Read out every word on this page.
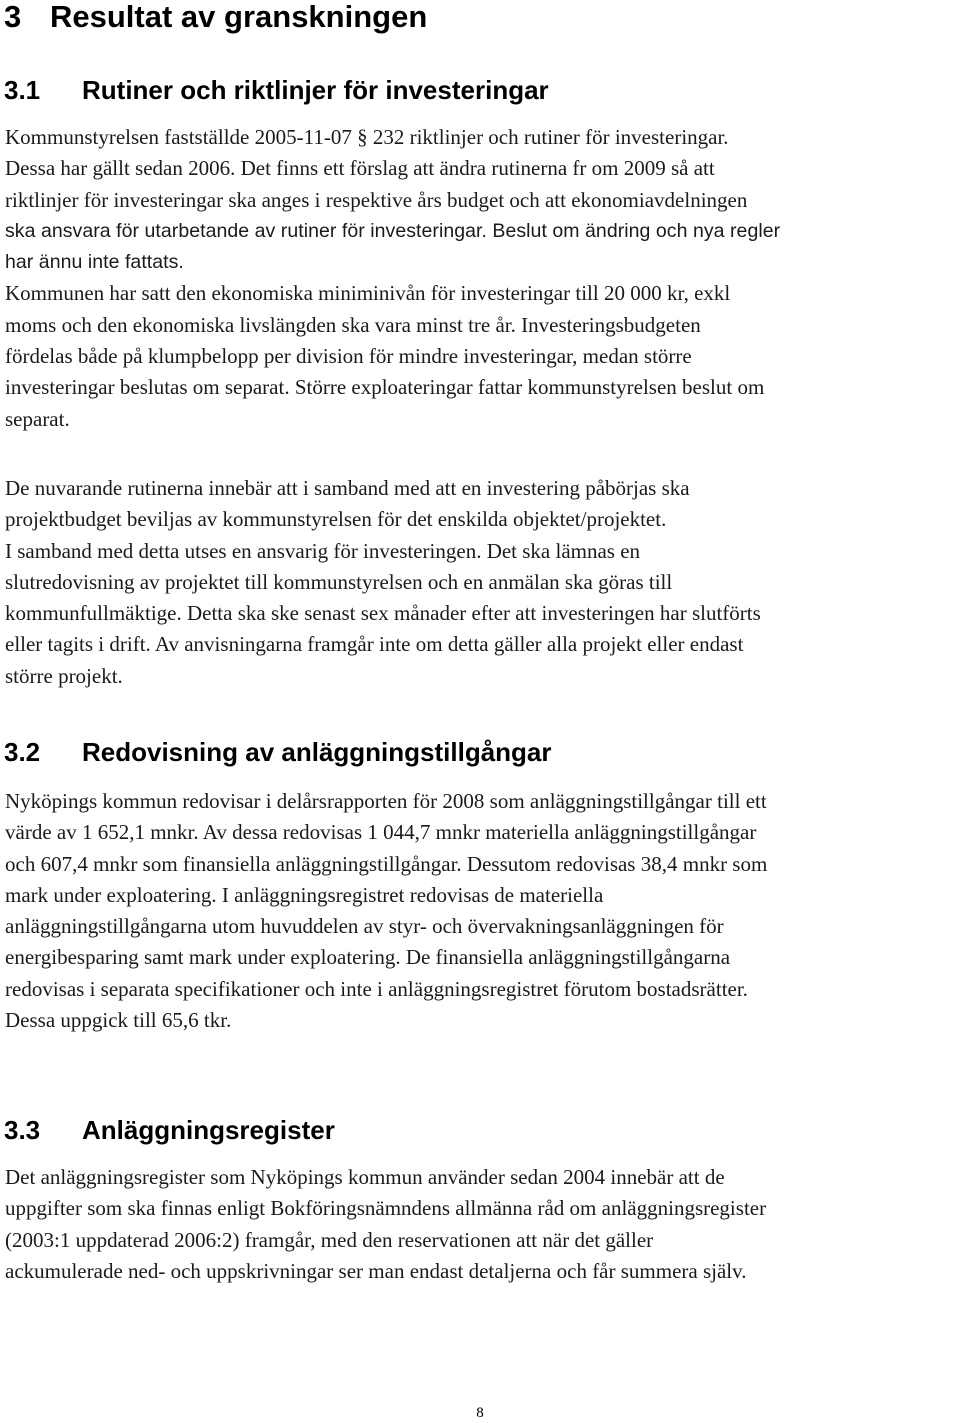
3 Resultat av granskningen
3.1 Rutiner och riktlinjer för investeringar
Kommunstyrelsen fastställde 2005-11-07 § 232 riktlinjer och rutiner för investeringar.
Dessa har gällt sedan 2006. Det finns ett förslag att ändra rutinerna fr om 2009 så att
riktlinjer för investeringar ska anges i respektive års budget och att ekonomiavdelningen
ska ansvara för utarbetande av rutiner för investeringar. Beslut om ändring och nya regler
har ännu inte fattats.
Kommunen har satt den ekonomiska miniminivån för investeringar till 20 000 kr, exkl
moms och den ekonomiska livslängden ska vara minst tre år. Investeringsbudgeten
fördelas både på klumpbelopp per division för mindre investeringar, medan större
investeringar beslutas om separat. Större exploateringar fattar kommunstyrelsen beslut om
separat.
De nuvarande rutinerna innebär att i samband med att en investering påbörjas ska
projektbudget beviljas av kommunstyrelsen för det enskilda objektet/projektet.
I samband med detta utses en ansvarig för investeringen. Det ska lämnas en
slutredovisning av projektet till kommunstyrelsen och en anmälan ska göras till
kommunfullmäktige. Detta ska ske senast sex månader efter att investeringen har slutförts
eller tagits i drift. Av anvisningarna framgår inte om detta gäller alla projekt eller endast
större projekt.
3.2 Redovisning av anläggningstillgångar
Nyköpings kommun redovisar i delårsrapporten för 2008 som anläggningstillgångar till ett
värde av 1 652,1 mnkr. Av dessa redovisas 1 044,7 mnkr materiella anläggningstillgångar
och 607,4 mnkr som finansiella anläggningstillgångar. Dessutom redovisas 38,4 mnkr som
mark under exploatering. I anläggningsregistret redovisas de materiella
anläggningstillgångarna utom huvuddelen av styr- och övervakningsanläggningen för
energibesparing samt mark under exploatering. De finansiella anläggningstillgångarna
redovisas i separata specifikationer och inte i anläggningsregistret förutom bostadsrätter.
Dessa uppgick till 65,6 tkr.
3.3 Anläggningsregister
Det anläggningsregister som Nyköpings kommun använder sedan 2004 innebär att de
uppgifter som ska finnas enligt Bokföringsnämndens allmänna råd om anläggningsregister
(2003:1 uppdaterad 2006:2) framgår, med den reservationen att när det gäller
ackumulerade ned- och uppskrivningar ser man endast detaljerna och får summera själv.
8
